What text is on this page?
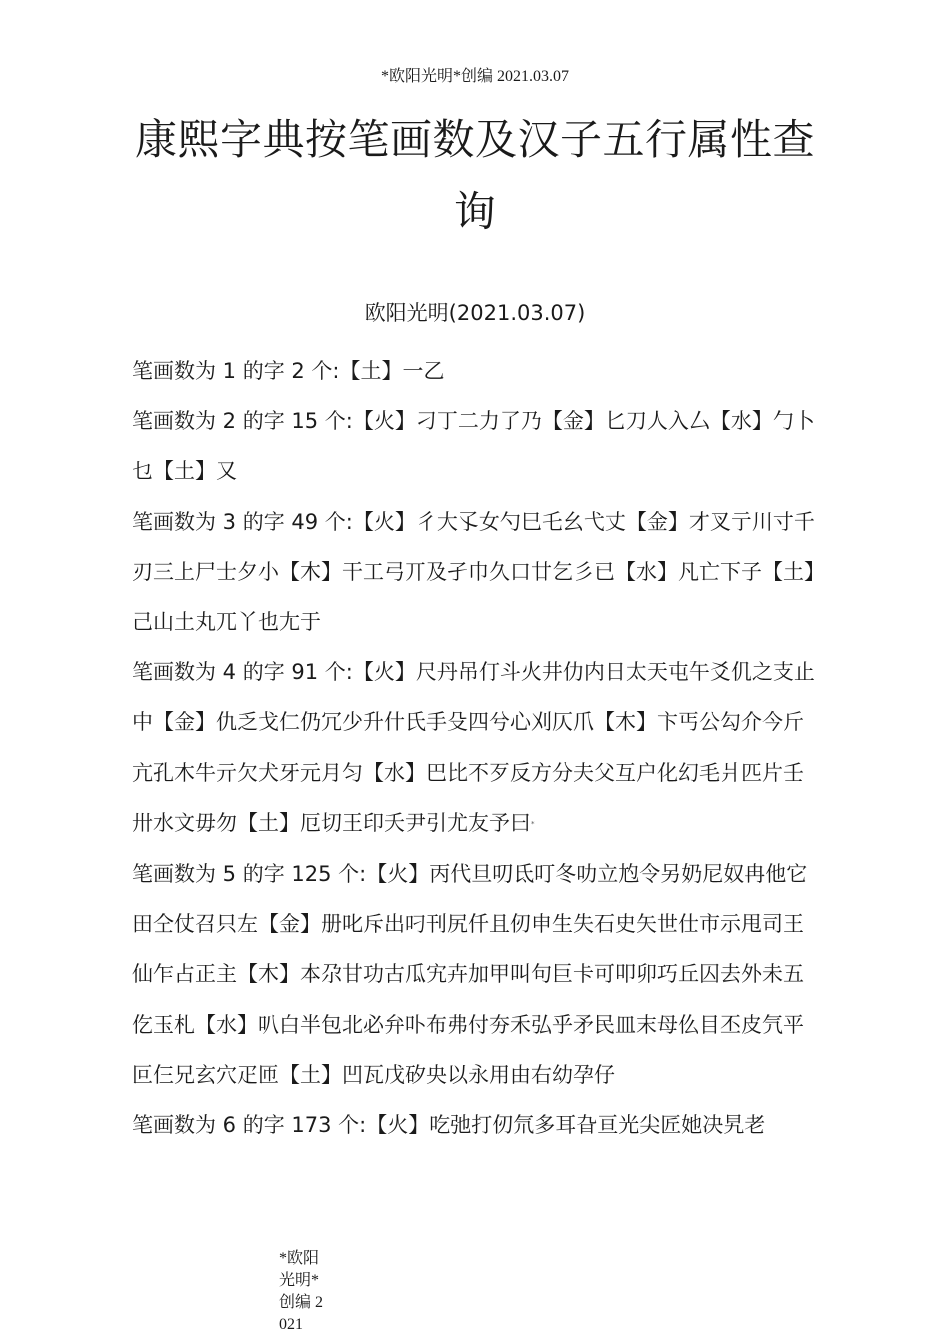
*欧阳光明*创编 2021.03.07
康熙字典按笔画数及汉子五行属性查询
欧阳光明(2021.03.07)

笔画数为 1 的字 2 个:【土】一乙

笔画数为 2 的字 15 个:【火】刁丁二力了乃【金】匕刀人入厶【水】勹卜乜【土】又

笔画数为 3 的字 49 个:【火】彳大孓女勺巳乇幺弋丈【金】才叉亍川寸千刃三上尸士夕小【木】干工弓丌及孑巾久口廿乞彡已【水】凡亡下子【土】己山土丸兀丫也尢于

笔画数为 4 的字 91 个:【火】尺丹吊仃斗火井仂内日太天屯午爻仉之支止中【金】仇乏戈仁仍冗少升什氏手殳四兮心刈仄爪【木】卞丐公勾介今斤亢孔木牛亓欠犬牙元月匀【水】巴比不歹反方分夫父互户化幻毛爿匹片壬卅水文毋勿【土】厄切王印夭尹引尤友予曰*

笔画数为 5 的字 125 个:【火】丙代旦叨氐叮冬叻立尥令另奶尼奴冉他它田仝仗召只左【金】册叱斥出叼刊尻仟且仞申生失石史矢世仕市示甩司王仙乍占正主【木】本尕甘功古瓜宄卉加甲叫句巨卡可叩卯巧丘囚去外未五仡玉札【水】叭白半包北必弁卟布弗付夯禾弘乎矛民皿末母仫目丕皮氕平叵仨兄玄穴疋匝【土】凹瓦戊矽央以永用由右幼孕仔

笔画数为 6 的字 173 个:【火】吃弛打仞氘多耳旮亘光尖匠她决旯老

*欧阳光明*创编 2021
